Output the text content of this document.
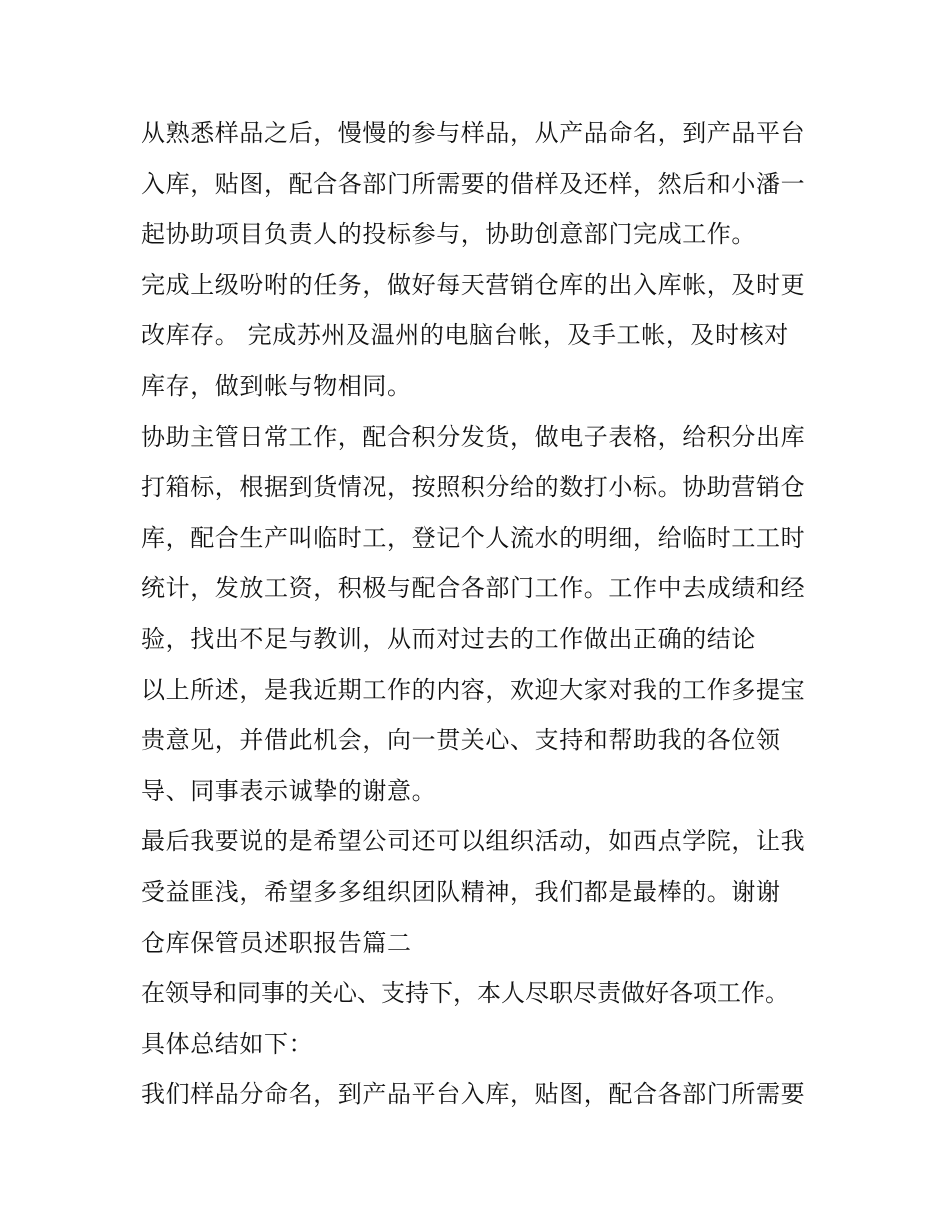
从熟悉样品之后，慢慢的参与样品，从产品命名，到产品平台
入库，贴图，配合各部门所需要的借样及还样，然后和小潘一
起协助项目负责人的投标参与，协助创意部门完成工作。
完成上级吩咐的任务，做好每天营销仓库的出入库帐，及时更
改库存。 完成苏州及温州的电脑台帐，及手工帐，及时核对
库存，做到帐与物相同。
协助主管日常工作，配合积分发货，做电子表格，给积分出库
打箱标，根据到货情况，按照积分给的数打小标。协助营销仓
库，配合生产叫临时工，登记个人流水的明细，给临时工工时
统计，发放工资，积极与配合各部门工作。工作中去成绩和经
验，找出不足与教训，从而对过去的工作做出正确的结论
以上所述，是我近期工作的内容，欢迎大家对我的工作多提宝
贵意见，并借此机会，向一贯关心、支持和帮助我的各位领
导、同事表示诚挚的谢意。
最后我要说的是希望公司还可以组织活动，如西点学院，让我
受益匪浅，希望多多组织团队精神，我们都是最棒的。谢谢
仓库保管员述职报告篇二
在领导和同事的关心、支持下，本人尽职尽责做好各项工作。
具体总结如下：
我们样品分命名，到产品平台入库，贴图，配合各部门所需要
